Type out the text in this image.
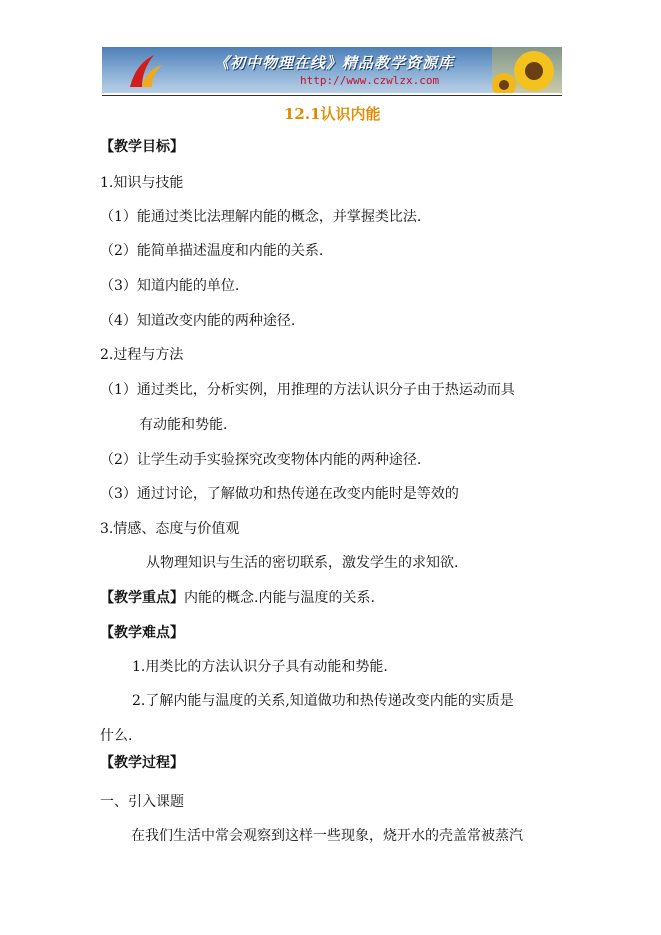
《初中物理在线》精品教学资源库
http://www.czwlzx.com
12.1认识内能
【教学目标】
1.知识与技能
（1）能通过类比法理解内能的概念，并掌握类比法.
（2）能简单描述温度和内能的关系.
（3）知道内能的单位.
（4）知道改变内能的两种途径.
2.过程与方法
（1）通过类比，分析实例，用推理的方法认识分子由于热运动而具
有动能和势能.
（2）让学生动手实验探究改变物体内能的两种途径.
（3）通过讨论，了解做功和热传递在改变内能时是等效的
3.情感、态度与价值观
从物理知识与生活的密切联系，激发学生的求知欲.
【教学重点】内能的概念.内能与温度的关系.
【教学难点】
1.用类比的方法认识分子具有动能和势能.
2.了解内能与温度的关系,知道做功和热传递改变内能的实质是
什么.
【教学过程】
一、引入课题
在我们生活中常会观察到这样一些现象，烧开水的壳盖常被蒸汽
